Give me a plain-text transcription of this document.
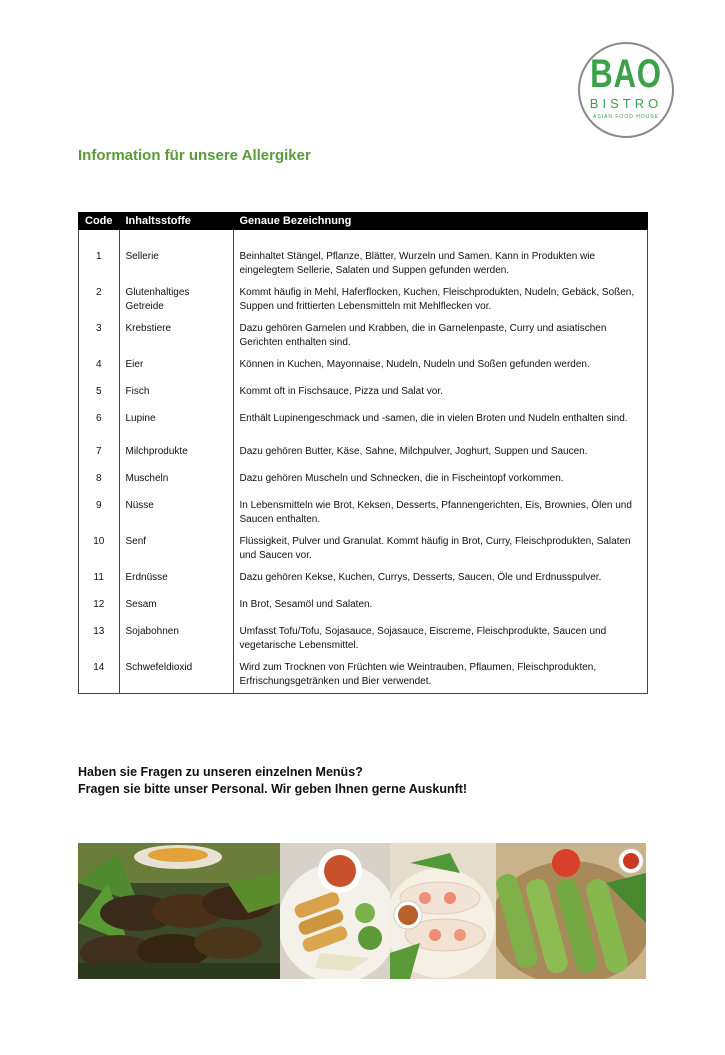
BAO
BISTRO
ASIAN FOOD HOUSE
Information für unsere Allergiker
Code	Inhaltsstoffe	Genaue Bezeichnung

1	Sellerie	Beinhaltet Stängel, Pflanze, Blätter, Wurzeln und Samen. Kann in Produkten wie eingelegtem Sellerie, Salaten und Suppen gefunden werden.
2	Glutenhaltiges Getreide	Kommt häufig in Mehl, Haferflocken, Kuchen, Fleischprodukten, Nudeln, Gebäck, Soßen, Suppen und frittierten Lebensmitteln mit Mehlflecken vor.
3	Krebstiere	Dazu gehören Garnelen und Krabben, die in Garnelenpaste, Curry und asiatischen Gerichten enthalten sind.
4	Eier	Können in Kuchen, Mayonnaise, Nudeln, Nudeln und Soßen gefunden werden.
5	Fisch	Kommt oft in Fischsauce, Pizza und Salat vor.
6	Lupine	Enthält Lupinengeschmack und -samen, die in vielen Broten und Nudeln enthalten sind.
7	Milchprodukte	Dazu gehören Butter, Käse, Sahne, Milchpulver, Joghurt, Suppen und Saucen.
8	Muscheln	Dazu gehören Muscheln und Schnecken, die in Fischeintopf vorkommen.
9	Nüsse	In Lebensmitteln wie Brot, Keksen, Desserts, Pfannengerichten, Eis, Brownies, Ölen und Saucen enthalten.
10	Senf	Flüssigkeit, Pulver und Granulat. Kommt häufig in Brot, Curry, Fleischprodukten, Salaten und Saucen vor.
11	Erdnüsse	Dazu gehören Kekse, Kuchen, Currys, Desserts, Saucen, Öle und Erdnusspulver.
12	Sesam	In Brot, Sesamöl und Salaten.
13	Sojabohnen	Umfasst Tofu/Tofu, Sojasauce, Sojasauce, Eiscreme, Fleischprodukte, Saucen und vegetarische Lebensmittel.
14	Schwefeldioxid	Wird zum Trocknen von Früchten wie Weintrauben, Pflaumen, Fleischprodukten, Erfrischungsgetränken und Bier verwendet.
Haben sie Fragen zu unseren einzelnen Menüs?
Fragen sie bitte unser Personal. Wir geben Ihnen gerne Auskunft!
